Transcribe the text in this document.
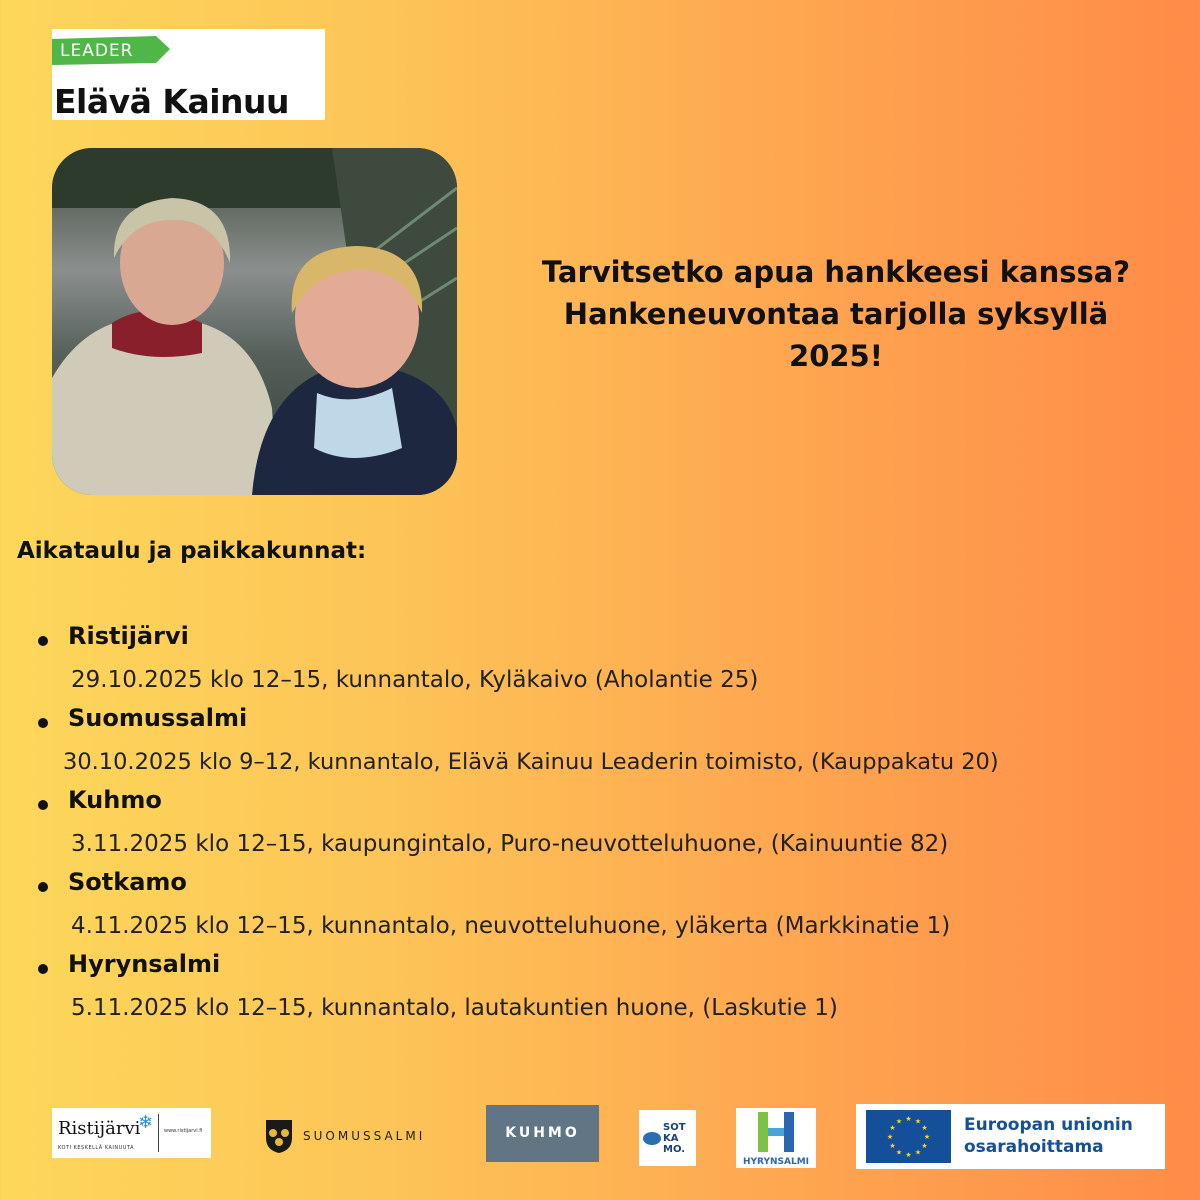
LEADER
Elävä Kainuu
Tarvitsetko apua hankkeesi kanssa?
Hankeneuvontaa tarjolla syksyllä
2025!
Aikataulu ja paikkakunnat:
Ristijärvi
29.10.2025 klo 12–15, kunnantalo, Kyläkaivo (Aholantie 25)
Suomussalmi
30.10.2025 klo 9–12, kunnantalo, Elävä Kainuu Leaderin toimisto, (Kauppakatu 20)
Kuhmo
3.11.2025 klo 12–15, kaupungintalo, Puro-neuvotteluhuone, (Kainuuntie 82)
Sotkamo
4.11.2025 klo 12–15, kunnantalo, neuvotteluhuone, yläkerta (Markkinatie 1)
Hyrynsalmi
5.11.2025 klo 12–15, kunnantalo, lautakuntien huone, (Laskutie 1)
Ristijärvi
❄
KOTI KESKELLÄ KAINUUTA
www.ristijarvi.fi	SUOMUSSALMI	KUHMO	SOT
KA
MO.
HYRYNSALMI
★ ★
★
★
★
★
★
★
★
★
★
★	Euroopan unionin
osarahoittama
